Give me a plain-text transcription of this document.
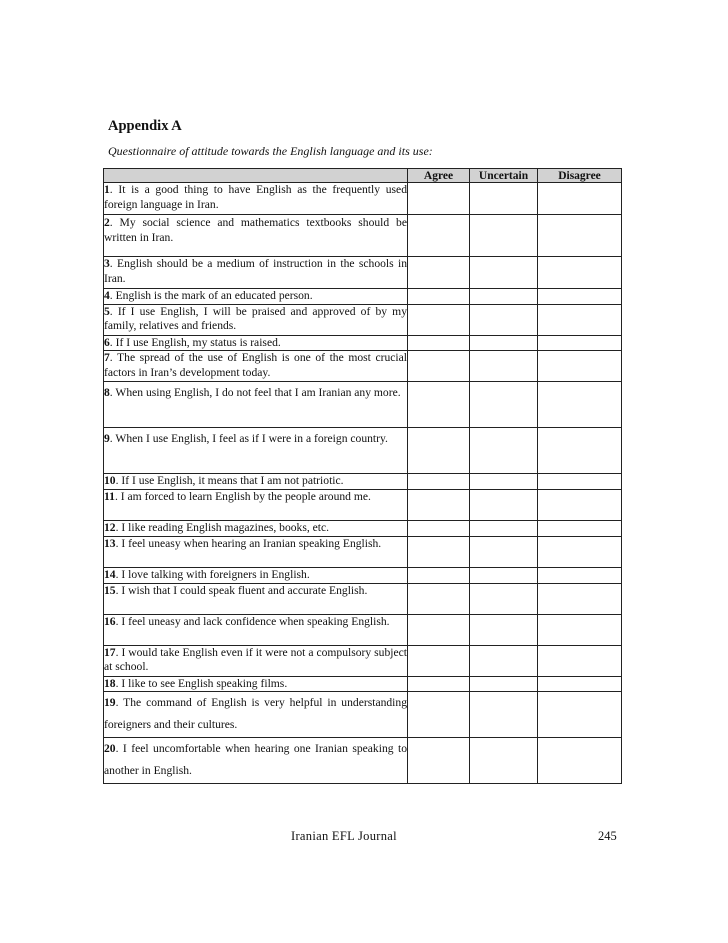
Appendix A

Questionnaire of attitude towards the English language and its use:

	Agree	Uncertain	Disagree
1. It is a good thing to have English as the frequently used foreign language in Iran.			
2. My social science and mathematics textbooks should be written in Iran.			
3. English should be a medium of instruction in the schools in Iran.			
4. English is the mark of an educated person.			
5. If I use English, I will be praised and approved of by my family, relatives and friends.			
6. If I use English, my status is raised.			
7. The spread of the use of English is one of the most crucial factors in Iran’s development today.			
8. When using English, I do not feel that I am Iranian any more.			
9. When I use English, I feel as if I were in a foreign country.			
10. If I use English, it means that I am not patriotic.			
11. I am forced to learn English by the people around me.			
12. I like reading English magazines, books, etc.			
13. I feel uneasy when hearing an Iranian speaking English.			
14. I love talking with foreigners in English.			
15. I wish that I could speak fluent and accurate English.			
16. I feel uneasy and lack confidence when speaking English.			
17. I would take English even if it were not a compulsory subject at school.			
18. I like to see English speaking films.			
19. The command of English is very helpful in understanding foreigners and their cultures.			
20. I feel uncomfortable when hearing one Iranian speaking to another in English.			
Iranian EFL Journal	245
